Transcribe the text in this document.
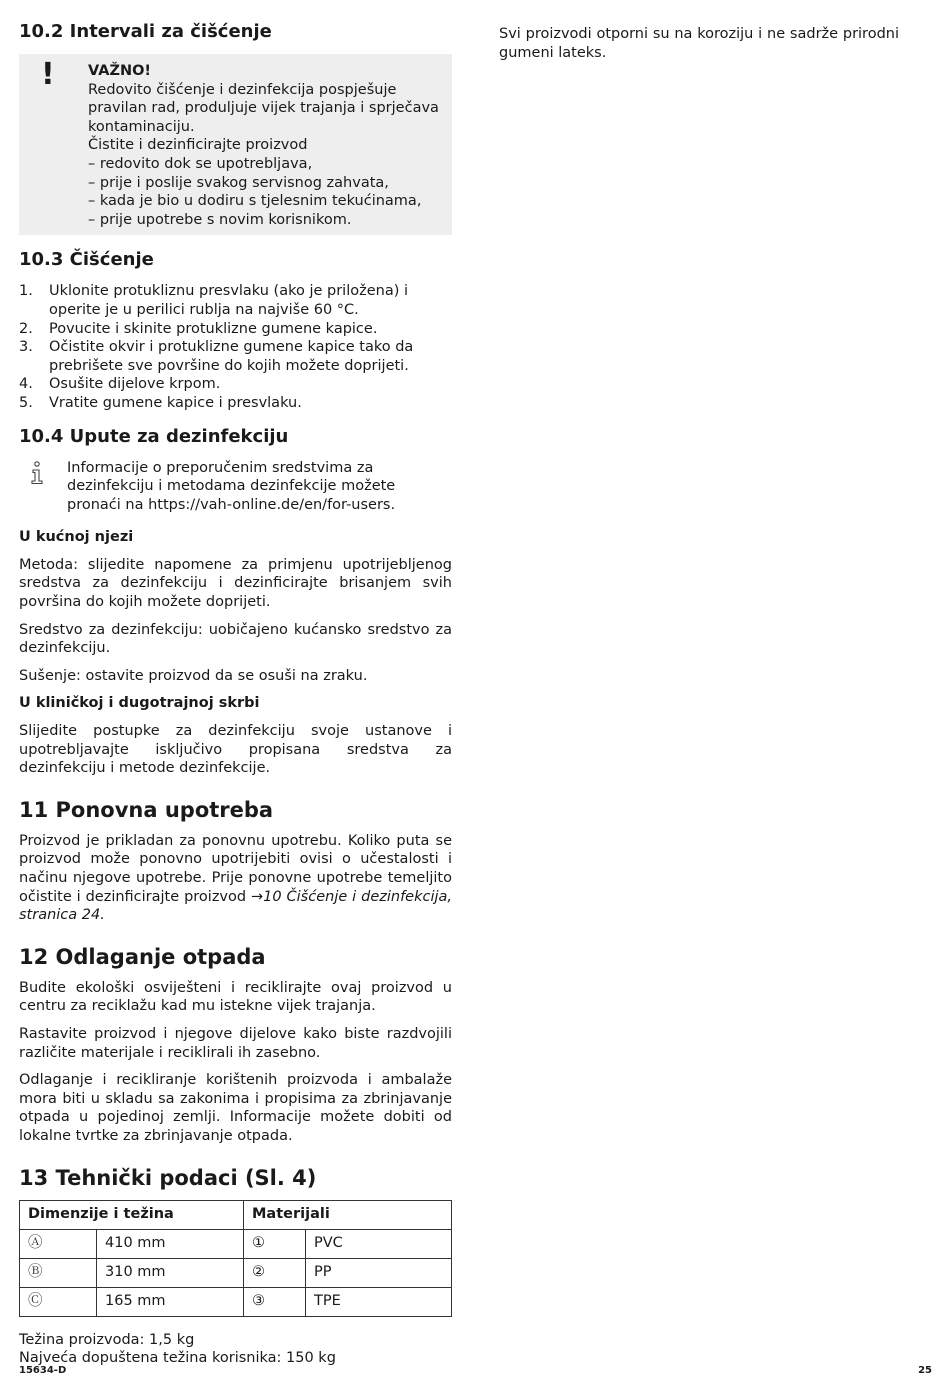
10.2 Intervali za čišćenje
! VAŽNO!
Redovito čišćenje i dezinfekcija pospješuje pravilan rad, produljuje vijek trajanja i sprječava kontaminaciju.
Čistite i dezinficirajte proizvod
– redovito dok se upotrebljava,
– prije i poslije svakog servisnog zahvata,
– kada je bio u dodiru s tjelesnim tekućinama,
– prije upotrebe s novim korisnikom.
10.3 Čišćenje
1. Uklonite protukliznu presvlaku (ako je priložena) i operite je u perilici rublja na najviše 60 °C.
2. Povucite i skinite protuklizne gumene kapice.
3. Očistite okvir i protuklizne gumene kapice tako da prebrišete sve površine do kojih možete doprijeti.
4. Osušite dijelove krpom.
5. Vratite gumene kapice i presvlaku.
10.4 Upute za dezinfekciju
Informacije o preporučenim sredstvima za dezinfekciju i metodama dezinfekcije možete pronaći na https://vah-online.de/en/for-users.

U kućnoj njezi

Metoda: slijedite napomene za primjenu upotrijebljenog sredstva za dezinfekciju i dezinficirajte brisanjem svih površina do kojih možete doprijeti.

Sredstvo za dezinfekciju: uobičajeno kućansko sredstvo za dezinfekciju.

Sušenje: ostavite proizvod da se osuši na zraku.

U kliničkoj i dugotrajnoj skrbi

Slijedite postupke za dezinfekciju svoje ustanove i upotrebljavajte isključivo propisana sredstva za dezinfekciju i metode dezinfekcije.

11 Ponovna upotreba

Proizvod je prikladan za ponovnu upotrebu. Koliko puta se proizvod može ponovno upotrijebiti ovisi o učestalosti i načinu njegove upotrebe. Prije ponovne upotrebe temeljito očistite i dezinficirajte proizvod →10 Čišćenje i dezinfekcija, stranica 24.

12 Odlaganje otpada

Budite ekološki osviješteni i reciklirajte ovaj proizvod u centru za reciklažu kad mu istekne vijek trajanja.

Rastavite proizvod i njegove dijelove kako biste razdvojili različite materijale i reciklirali ih zasebno.

Odlaganje i recikliranje korištenih proizvoda i ambalaže mora biti u skladu sa zakonima i propisima za zbrinjavanje otpada u pojedinoj zemlji. Informacije možete dobiti od lokalne tvrtke za zbrinjavanje otpada.

13 Tehnički podaci (Sl. 4)
Dimenzije i težina		Materijali	
Ⓐ	410 mm	①	PVC
Ⓑ	310 mm	②	PP
Ⓒ	165 mm	③	TPE

Težina proizvoda: 1,5 kg

Najveća dopuštena težina korisnika: 150 kg

Svi proizvodi otporni su na koroziju i ne sadrže prirodni gumeni lateks.

15634-D	25
